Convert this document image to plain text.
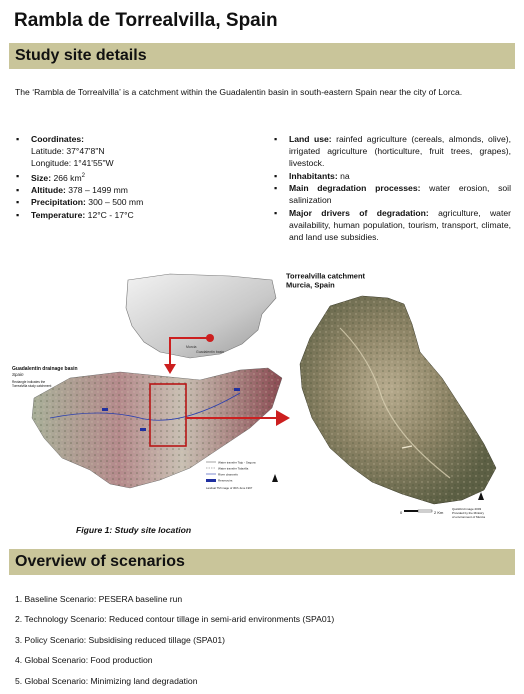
Rambla de Torrealvilla, Spain
Study site details

The ‘Rambla de Torrealvilla’ is a catchment within the Guadalentin basin in south-eastern Spain near the city of Lorca.

▪ Coordinates:
Latitude: 37°47'8"N
Longitude: 1°41'55"W
▪ Size: 266 $km^2$
▪ Altitude: 378 – 1499 mm
▪ Precipitation: 300 – 500 mm
▪ Temperature: 12°C - 17°C
▪ Land use: rainfed agriculture (cereals, almonds, olive), irrigated agriculture (horticulture, fruit trees, grapes), livestock.
▪ Inhabitants: na
▪ Main degradation processes: water erosion, soil salinization
▪ Major drivers of degradation: agriculture, water availability, human population, tourism, transport, climate, and land use subsidies.
Murcia
Guadalentin basin
Guadalentin drainage basin
Spain
Rectangle indicates the
Torrealvilla study catchment
Water transfer Tajo - Segura
Water transfer Talavilla
River channels
Reservoirs
Landsat TM image of 30th June 1997
Torrealvilla catchment
Murcia, Spain
0	2 Km
Quickbird image 2003
Provided by the Ministry
of environment of Murcia
Figure 1: Study site location
Overview of scenarios
1. Baseline Scenario: PESERA baseline run
2. Technology Scenario: Reduced contour tillage in semi-arid environments (SPA01)
3. Policy Scenario: Subsidising reduced tillage (SPA01)
4. Global Scenario: Food production
5. Global Scenario: Minimizing land degradation
